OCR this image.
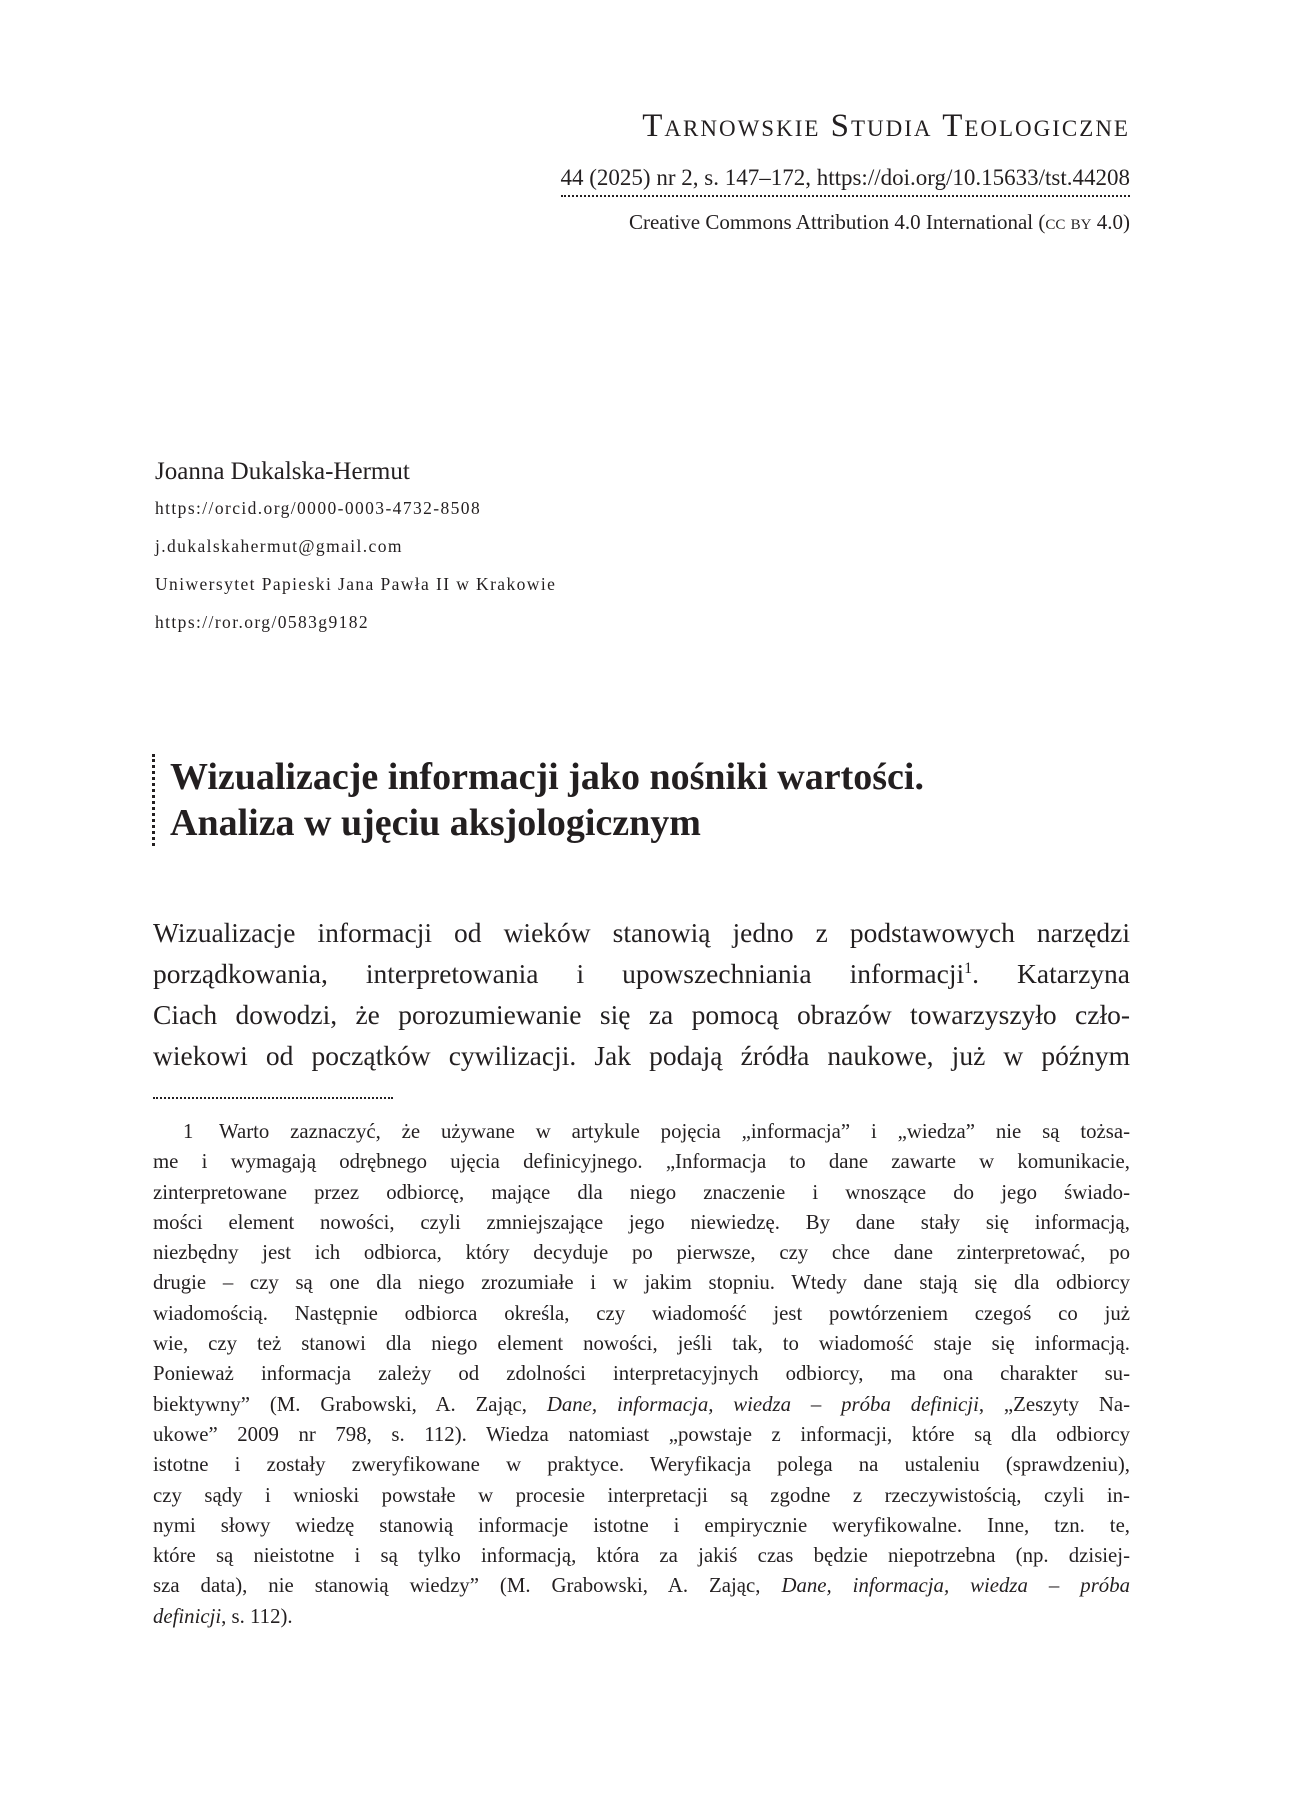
Tarnowskie Studia Teologiczne
44 (2025) nr 2, s. 147–172, https://doi.org/10.15633/tst.44208
Creative Commons Attribution 4.0 International (cc by 4.0)
Joanna Dukalska-Hermut
https://orcid.org/0000-0003-4732-8508
j.dukalskahermut@gmail.com
Uniwersytet Papieski Jana Pawła II w Krakowie
https://ror.org/0583g9182
Wizualizacje informacji jako nośniki wartości.
Analiza w ujęciu aksjologicznym
Wizualizacje informacji od wieków stanowią jedno z podstawowych narzędzi
porządkowania, interpretowania i upowszechniania informacji$^1$. Katarzyna
Ciach dowodzi, że porozumiewanie się za pomocą obrazów towarzyszyło czło-
wiekowi od początków cywilizacji. Jak podają źródła naukowe, już w późnym
1 Warto zaznaczyć, że używane w artykule pojęcia „informacja” i „wiedza” nie są tożsa-
me i wymagają odrębnego ujęcia definicyjnego. „Informacja to dane zawarte w komunikacie,
zinterpretowane przez odbiorcę, mające dla niego znaczenie i wnoszące do jego świado-
mości element nowości, czyli zmniejszające jego niewiedzę. By dane stały się informacją,
niezbędny jest ich odbiorca, który decyduje po pierwsze, czy chce dane zinterpretować, po
drugie – czy są one dla niego zrozumiałe i w jakim stopniu. Wtedy dane stają się dla odbiorcy
wiadomością. Następnie odbiorca określa, czy wiadomość jest powtórzeniem czegoś co już
wie, czy też stanowi dla niego element nowości, jeśli tak, to wiadomość staje się informacją.
Ponieważ informacja zależy od zdolności interpretacyjnych odbiorcy, ma ona charakter su-
biektywny” (M. Grabowski, A. Zając, Dane, informacja, wiedza – próba definicji, „Zeszyty Na-
ukowe” 2009 nr 798, s. 112). Wiedza natomiast „powstaje z informacji, które są dla odbiorcy
istotne i zostały zweryfikowane w praktyce. Weryfikacja polega na ustaleniu (sprawdzeniu),
czy sądy i wnioski powstałe w procesie interpretacji są zgodne z rzeczywistością, czyli in-
nymi słowy wiedzę stanowią informacje istotne i empirycznie weryfikowalne. Inne, tzn. te,
które są nieistotne i są tylko informacją, która za jakiś czas będzie niepotrzebna (np. dzisiej-
sza data), nie stanowią wiedzy” (M. Grabowski, A. Zając, Dane, informacja, wiedza – próba
definicji, s. 112).
